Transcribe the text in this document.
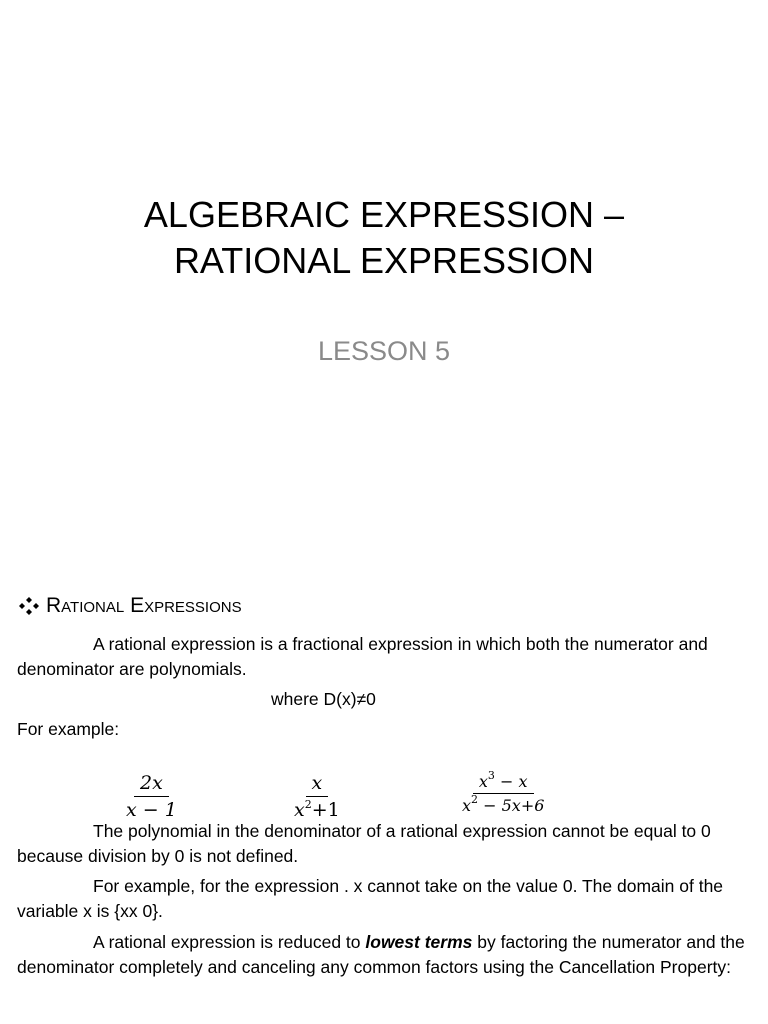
ALGEBRAIC EXPRESSION –
RATIONAL EXPRESSION
LESSON 5
Rational Expressions
A rational expression is a fractional expression in which both the numerator and denominator are polynomials.
where D(x)≠0
For example:
$\frac{2x}{x - 1}$	$\frac{x}{x^2+1}$	$\frac{x^3 - x}{x^2 - 5x+6}$
The polynomial in the denominator of a rational expression cannot be equal to 0 because division by 0 is not defined.
For example, for the expression . x cannot take on the value 0. The domain of the variable x is {xx 0}.
A rational expression is reduced to lowest terms by factoring the numerator and the denominator completely and canceling any common factors using the Cancellation Property:
